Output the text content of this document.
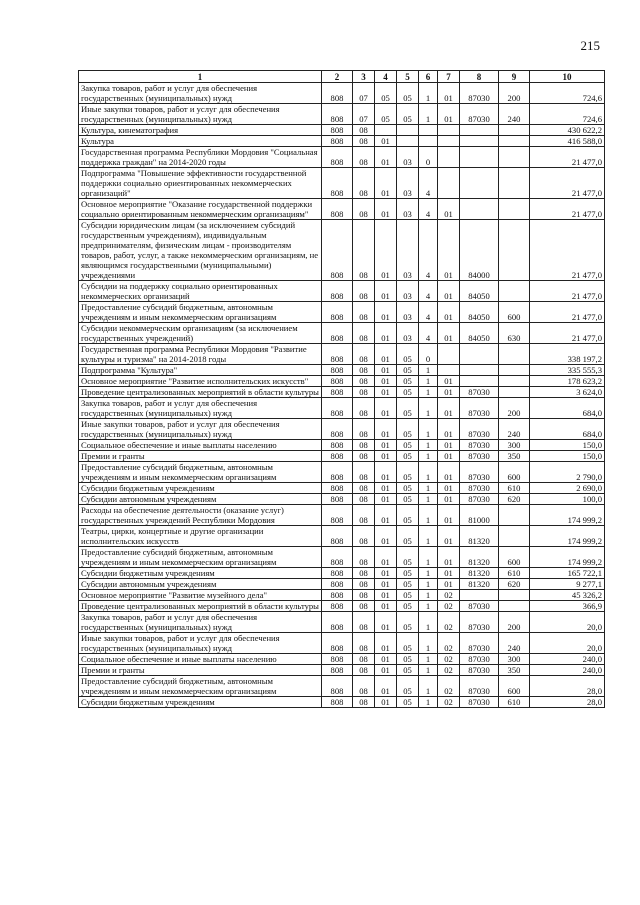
215
1	2	3	4	5	6	7	8	9	10
Закупка товаров, работ и услуг для обеспечения государственных (муниципальных) нужд	808	07	05	05	1	01	87030	200	724,6
Иные закупки товаров, работ и услуг для обеспечения государственных (муниципальных) нужд	808	07	05	05	1	01	87030	240	724,6
Культура, кинематография	808	08							430 622,2
Культура	808	08	01						416 588,0
Государственная программа Республики Мордовия "Социальная поддержка граждан" на 2014-2020 годы	808	08	01	03	0				21 477,0
Подпрограмма "Повышение эффективности государственной поддержки социально ориентированных некоммерческих организаций"	808	08	01	03	4				21 477,0
Основное мероприятие "Оказание государственной поддержки социально ориентированным некоммерческим организациям"	808	08	01	03	4	01			21 477,0
Субсидии юридическим лицам (за исключением субсидий государственным учреждениям), индивидуальным предпринимателям, физическим лицам - производителям товаров, работ, услуг, а также некоммерческим организациям, не являющимся государственными (муниципальными) учреждениями	808	08	01	03	4	01	84000		21 477,0
Субсидии на поддержку социально ориентированных некоммерческих организаций	808	08	01	03	4	01	84050		21 477,0
Предоставление субсидий бюджетным, автономным учреждениям и иным некоммерческим организациям	808	08	01	03	4	01	84050	600	21 477,0
Субсидии некоммерческим организациям (за исключением государственных учреждений)	808	08	01	03	4	01	84050	630	21 477,0
Государственная программа Республики Мордовия "Развитие культуры и туризма" на 2014-2018 годы	808	08	01	05	0				338 197,2
Подпрограмма "Культура"	808	08	01	05	1				335 555,3
Основное мероприятие "Развитие исполнительских искусств"	808	08	01	05	1	01			178 623,2
Проведение централизованных мероприятий в области культуры	808	08	01	05	1	01	87030		3 624,0
Закупка товаров, работ и услуг для обеспечения государственных (муниципальных) нужд	808	08	01	05	1	01	87030	200	684,0
Иные закупки товаров, работ и услуг для обеспечения государственных (муниципальных) нужд	808	08	01	05	1	01	87030	240	684,0
Социальное обеспечение и иные выплаты населению	808	08	01	05	1	01	87030	300	150,0
Премии и гранты	808	08	01	05	1	01	87030	350	150,0
Предоставление субсидий бюджетным, автономным учреждениям и иным некоммерческим организациям	808	08	01	05	1	01	87030	600	2 790,0
Субсидии бюджетным учреждениям	808	08	01	05	1	01	87030	610	2 690,0
Субсидии автономным учреждениям	808	08	01	05	1	01	87030	620	100,0
Расходы на обеспечение деятельности (оказание услуг) государственных учреждений Республики Мордовия	808	08	01	05	1	01	81000		174 999,2
Театры, цирки, концертные и другие организации исполнительских искусств	808	08	01	05	1	01	81320		174 999,2
Предоставление субсидий бюджетным, автономным учреждениям и иным некоммерческим организациям	808	08	01	05	1	01	81320	600	174 999,2
Субсидии бюджетным учреждениям	808	08	01	05	1	01	81320	610	165 722,1
Субсидии автономным учреждениям	808	08	01	05	1	01	81320	620	9 277,1
Основное мероприятие "Развитие музейного дела"	808	08	01	05	1	02			45 326,2
Проведение централизованных мероприятий в области культуры	808	08	01	05	1	02	87030		366,9
Закупка товаров, работ и услуг для обеспечения государственных (муниципальных) нужд	808	08	01	05	1	02	87030	200	20,0
Иные закупки товаров, работ и услуг для обеспечения государственных (муниципальных) нужд	808	08	01	05	1	02	87030	240	20,0
Социальное обеспечение и иные выплаты населению	808	08	01	05	1	02	87030	300	240,0
Премии и гранты	808	08	01	05	1	02	87030	350	240,0
Предоставление субсидий бюджетным, автономным учреждениям и иным некоммерческим организациям	808	08	01	05	1	02	87030	600	28,0
Субсидии бюджетным учреждениям	808	08	01	05	1	02	87030	610	28,0
